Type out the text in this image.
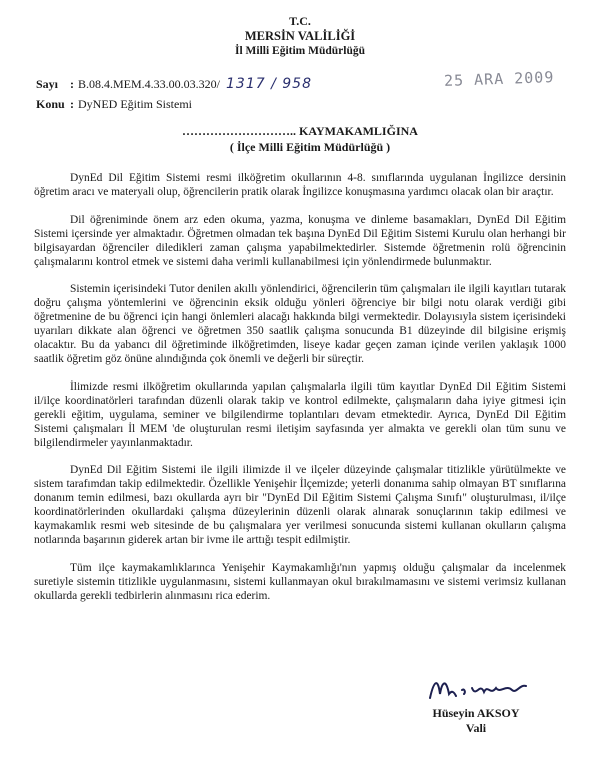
T.C.
MERSİN VALİLİĞİ
İl Milli Eğitim Müdürlüğü
Sayı : B.08.4.MEM.4.33.00.03.320/ 1317 / 958
Konu : DyNED Eğitim Sistemi
25 ARA 2009
……………………….. KAYMAKAMLIĞINA
( İlçe Milli Eğitim Müdürlüğü )

DynEd Dil Eğitim Sistemi resmi ilköğretim okullarının 4-8. sınıflarında uygulanan İngilizce dersinin öğretim aracı ve materyali olup, öğrencilerin pratik olarak İngilizce konuşmasına yardımcı olacak olan bir araçtır.

Dil öğreniminde önem arz eden okuma, yazma, konuşma ve dinleme basamakları, DynEd Dil Eğitim Sistemi içersinde yer almaktadır. Öğretmen olmadan tek başına DynEd Dil Eğitim Sistemi Kurulu olan herhangi bir bilgisayardan öğrenciler diledikleri zaman çalışma yapabilmektedirler. Sistemde öğretmenin rolü öğrencinin çalışmalarını kontrol etmek ve sistemi daha verimli kullanabilmesi için yönlendirmede bulunmaktır.

Sistemin içerisindeki Tutor denilen akıllı yönlendirici, öğrencilerin tüm çalışmaları ile ilgili kayıtları tutarak doğru çalışma yöntemlerini ve öğrencinin eksik olduğu yönleri öğrenciye bir bilgi notu olarak verdiği gibi öğretmenine de bu öğrenci için hangi önlemleri alacağı hakkında bilgi vermektedir. Dolayısıyla sistem içerisindeki uyarıları dikkate alan öğrenci ve öğretmen 350 saatlik çalışma sonucunda B1 düzeyinde dil bilgisine erişmiş olacaktır. Bu da yabancı dil öğretiminde ilköğretimden, liseye kadar geçen zaman içinde verilen yaklaşık 1000 saatlik öğretim göz önüne alındığında çok önemli ve değerli bir süreçtir.

İlimizde resmi ilköğretim okullarında yapılan çalışmalarla ilgili tüm kayıtlar DynEd Dil Eğitim Sistemi il/ilçe koordinatörleri tarafından düzenli olarak takip ve kontrol edilmekte, çalışmaların daha iyiye gitmesi için gerekli eğitim, uygulama, seminer ve bilgilendirme toplantıları devam etmektedir. Ayrıca, DynEd Dil Eğitim Sistemi çalışmaları İl MEM 'de oluşturulan resmi iletişim sayfasında yer almakta ve gerekli olan tüm sunu ve bilgilendirmeler yayınlanmaktadır.

DynEd Dil Eğitim Sistemi ile ilgili ilimizde il ve ilçeler düzeyinde çalışmalar titizlikle yürütülmekte ve sistem tarafımdan takip edilmektedir. Özellikle Yenişehir İlçemizde; yeterli donanıma sahip olmayan BT sınıflarına donanım temin edilmesi, bazı okullarda ayrı bir "DynEd Dil Eğitim Sistemi Çalışma Sınıfı" oluşturulması, il/ilçe koordinatörlerinden okullardaki çalışma düzeylerinin düzenli olarak alınarak sonuçlarının takip edilmesi ve kaymakamlık resmi web sitesinde de bu çalışmalara yer verilmesi sonucunda sistemi kullanan okulların çalışma notlarında başarının giderek artan bir ivme ile arttığı tespit edilmiştir.

Tüm ilçe kaymakamlıklarınca Yenişehir Kaymakamlığı'nın yapmış olduğu çalışmalar da incelenmek suretiyle sistemin titizlikle uygulanmasını, sistemi kullanmayan okul bırakılmamasını ve sistemi verimsiz kullanan okullarda gerekli tedbirlerin alınmasını rica ederim.

Hüseyin AKSOY
Vali
